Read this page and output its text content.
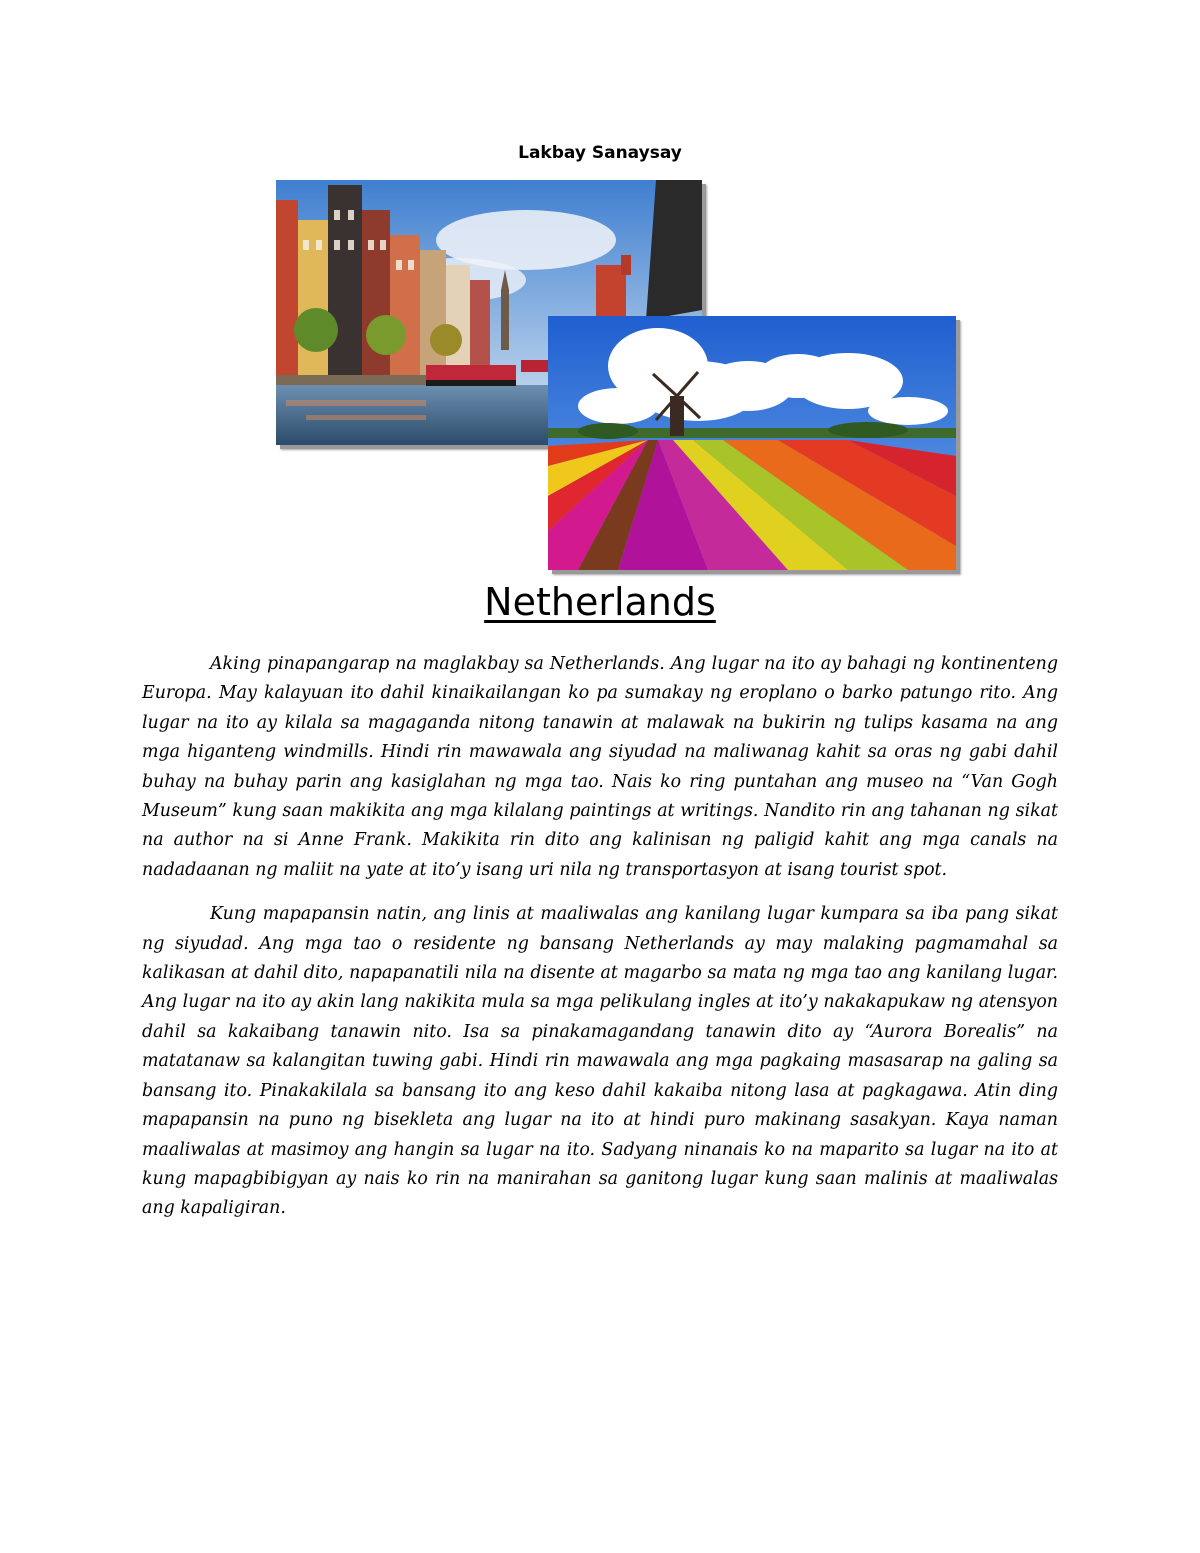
Lakbay Sanaysay
Netherlands

Aking pinapangarap na maglakbay sa Netherlands. Ang lugar na ito ay bahagi ng kontinenteng Europa. May kalayuan ito dahil kinaikailangan ko pa sumakay ng eroplano o barko patungo rito. Ang lugar na ito ay kilala sa magaganda nitong tanawin at malawak na bukirin ng tulips kasama na ang mga higanteng windmills. Hindi rin mawawala ang siyudad na maliwanag kahit sa oras ng gabi dahil buhay na buhay parin ang kasiglahan ng mga tao. Nais ko ring puntahan ang museo na “Van Gogh Museum” kung saan makikita ang mga kilalang paintings at writings. Nandito rin ang tahanan ng sikat na author na si Anne Frank. Makikita rin dito ang kalinisan ng paligid kahit ang mga canals na nadadaanan ng maliit na yate at ito’y isang uri nila ng transportasyon at isang tourist spot.

Kung mapapansin natin, ang linis at maaliwalas ang kanilang lugar kumpara sa iba pang sikat ng siyudad. Ang mga tao o residente ng bansang Netherlands ay may malaking pagmamahal sa kalikasan at dahil dito, napapanatili nila na disente at magarbo sa mata ng mga tao ang kanilang lugar. Ang lugar na ito ay akin lang nakikita mula sa mga pelikulang ingles at ito’y nakakapukaw ng atensyon dahil sa kakaibang tanawin nito. Isa sa pinakamagandang tanawin dito ay “Aurora Borealis” na matatanaw sa kalangitan tuwing gabi. Hindi rin mawawala ang mga pagkaing masasarap na galing sa bansang ito. Pinakakilala sa bansang ito ang keso dahil kakaiba nitong lasa at pagkagawa. Atin ding mapapansin na puno ng bisekleta ang lugar na ito at hindi puro makinang sasakyan. Kaya naman maaliwalas at masimoy ang hangin sa lugar na ito. Sadyang ninanais ko na maparito sa lugar na ito at kung mapagbibigyan ay nais ko rin na manirahan sa ganitong lugar kung saan malinis at maaliwalas ang kapaligiran.
